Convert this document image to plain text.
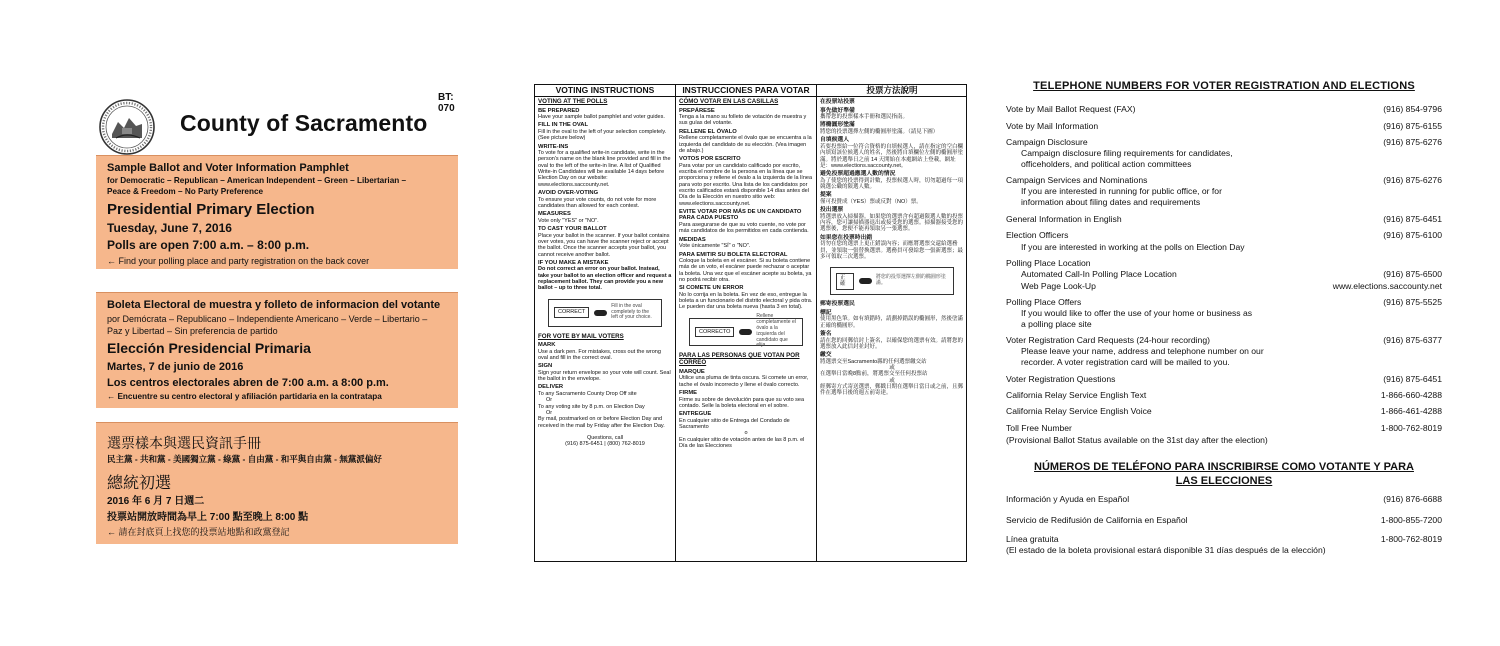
County of Sacramento
BT: 070
Sample Ballot and Voter Information Pamphlet
for Democratic – Republican – American Independent – Green – Libertarian –
Peace & Freedom – No Party Preference
Presidential Primary Election
Tuesday, June 7, 2016
Polls are open 7:00 a.m. – 8:00 p.m.
← Find your polling place and party registration on the back cover
Boleta Electoral de muestra y folleto de informacion del votante
por Demócrata – Republicano – Independiente Americano – Verde – Libertario –
Paz y Libertad – Sin preferencia de partido
Elección Presidencial Primaria
Martes, 7 de junio de 2016
Los centros electorales abren de 7:00 a.m. a 8:00 p.m.
← Encuentre su centro electoral y afiliación partidaria en la contratapa
選票樣本與選民資訊手冊
民主黨 - 共和黨 - 美國獨立黨 - 綠黨 - 自由黨 - 和平與自由黨 - 無黨派偏好
總統初選
2016 年 6 月 7 日週二
投票站開放時間為早上 7:00 點至晚上 8:00 點
← 請在封底頁上找您的投票站地點和政黨登記
VOTING INSTRUCTIONS
VOTING AT THE POLLS
BE PREPARED
Have your sample ballot pamphlet and voter guides.
FILL IN THE OVAL
Fill in the oval to the left of your selection completely. (See picture below)
WRITE-INS
To vote for a qualified write-in candidate, write in the person's name on the blank line provided and fill in the oval to the left of the write-in line. A list of Qualified Write-in Candidates will be available 14 days before Election Day on our website: www.elections.saccounty.net.
AVOID OVER-VOTING
To ensure your vote counts, do not vote for more candidates than allowed for each contest.
MEASURES
Vote only "YES" or "NO".
TO CAST YOUR BALLOT
Place your ballot in the scanner. If your ballot contains over votes, you can have the scanner reject or accept the ballot. Once the scanner accepts your ballot, you cannot receive another ballot.
IF YOU MAKE A MISTAKE
Do not correct an error on your ballot. Instead, take your ballot to an election officer and request a replacement ballot. They can provide you a new ballot – up to three total.
CORRECT
Fill in the oval completely to the left of your choice.
FOR VOTE BY MAIL VOTERS
MARK
Use a dark pen. For mistakes, cross out the wrong oval and fill in the correct oval.
SIGN
Sign your return envelope so your vote will count. Seal the ballot in the envelope.
DELIVER
To any Sacramento County Drop Off site
Or
To any voting site by 8 p.m. on Election Day
Or
By mail, postmarked on or before Election Day and received in the mail by Friday after the Election Day.
Questions, call
(916) 875-6451 | (800) 762-8019
INSTRUCCIONES PARA VOTAR
CÓMO VOTAR EN LAS CASILLAS
PREPÁRESE
Tenga a la mano su folleto de votación de muestra y sus guías del votante.
RELLENE EL ÓVALO
Rellene completamente el óvalo que se encuentra a la izquierda del candidato de su elección. (Vea imagen de abajo.)
VOTOS POR ESCRITO
Para votar por un candidato calificado por escrito, escriba el nombre de la persona en la línea que se proporciona y rellene el óvalo a la izquierda de la línea para voto por escrito. Una lista de los candidatos por escrito calificados estará disponible 14 días antes del Día de la Elección en nuestro sitio web: www.elections.saccounty.net.
EVITE VOTAR POR MÁS DE UN CANDIDATO PARA CADA PUESTO
Para asegurarse de que su voto cuente, no vote por más candidatos de los permitidos en cada contienda.
MEDIDAS
Vote únicamente "SÍ" o "NO".
PARA EMITIR SU BOLETA ELECTORAL
Coloque la boleta en el escáner. Si su boleta contiene más de un voto, el escáner puede rechazar o aceptar la boleta. Una vez que el escáner acepte su boleta, ya no podrá recibir otra.
SI COMETE UN ERROR
No lo corrija en la boleta. En vez de eso, entregue la boleta a un funcionario del distrito electoral y pida otra. Le pueden dar una boleta nueva (hasta 3 en total).
CORRECTO
Rellene completamente el óvalo a la izquierda del candidato que elija.
PARA LAS PERSONAS QUE VOTAN POR CORREO
MARQUE
Utilice una pluma de tinta oscura. Si comete un error, tache el óvalo incorrecto y llene el óvalo correcto.
FIRME
Firme su sobre de devolución para que su voto sea contado. Selle la boleta electoral en el sobre.
ENTREGUE
En cualquier sitio de Entrega del Condado de Sacramento
o
En cualquier sitio de votación antes de las 8 p.m. el Día de las Elecciones
投票方法說明
在投票站投票
事先做好準備
攜帶您的投票樣本手冊和選民指南。
將橢圓形塗滿
將您的投票選擇左側的橢圓形塗滿。（請見下圖）
自填候選人
若要投票給一位符合資格的自填候選人，請在指定的空白欄內填寫該位候選人的姓名，然後將自填欄位左側的橢圓形塗滿。將於選舉日之前 14 天開始在本處網站上登載，網址是：www.elections.saccounty.net。
避免投票超過應選人數的情況
為了使您的投票得到計數，投票候選人時，切勿超過每一項競選公職的限選人數。
提案
僅可投贊成（YES）票或反對（NO）票。
投出選票
將選票放入掃描器。如果您的選票含有超過限選人數的投票內容，您可讓掃描器退出或接受您的選票。掃描器接受您的選票後，您便不能再領取另一張選票。
如果您在投票時出錯
切勿在您的選票上更正錯誤內容；而應將選票交還給選務員，並領取一張替換選票。選務員可發給您一張新選票；最多可領取三次選票。
正確
將您的投票選擇左側的橢圓形塗滿。
郵寄投票選民
標記
使用黑色筆。如有填錯時，請劃掉錯誤的橢圓形，然後塗滿正確的橢圓形。
簽名
請在您的回郵信封上簽名，以確保您的選票有效。請將您的選票放入此信封並封好。
繳交
將選票交至Sacramento縣的任何選票繳交站
或
在選舉日當晚8點前，將選票交至任何投票站
或
經郵寄方式寄送選票，郵戳日期在選舉日當日或之前，且郵件在選舉日後的週五前寄達。
TELEPHONE NUMBERS FOR VOTER REGISTRATION AND ELECTIONS
Vote by Mail Ballot Request (FAX)	(916) 854-9796
Vote by Mail Information	(916) 875-6155
Campaign Disclosure	(916) 875-6276
Campaign disclosure filing requirements for candidates,
officeholders, and political action committees
Campaign Services and Nominations	(916) 875-6276
If you are interested in running for public office, or for
information about filing dates and requirements
General Information in English	(916) 875-6451
Election Officers	(916) 875-6100
If you are interested in working at the polls on Election Day
Polling Place Location
Automated Call-In Polling Place Location	(916) 875-6500
Web Page Look-Up	www.elections.saccounty.net
Polling Place Offers	(916) 875-5525
If you would like to offer the use of your home or business as
a polling place site
Voter Registration Card Requests (24-hour recording)	(916) 875-6377
Please leave your name, address and telephone number on our
recorder. A voter registration card will be mailed to you.
Voter Registration Questions	(916) 875-6451
California Relay Service English Text	1-866-660-4288
California Relay Service English Voice	1-866-461-4288
Toll Free Number	1-800-762-8019
(Provisional Ballot Status available on the 31st day after the election)
NÚMEROS DE TELÉFONO PARA INSCRIBIRSE COMO VOTANTE Y PARA
LAS ELECCIONES
Información y Ayuda en Español	(916) 876-6688
Servicio de Redifusión de California en Español	1-800-855-7200
Línea gratuita	1-800-762-8019
(El estado de la boleta provisional estará disponible 31 días después de la elección)
